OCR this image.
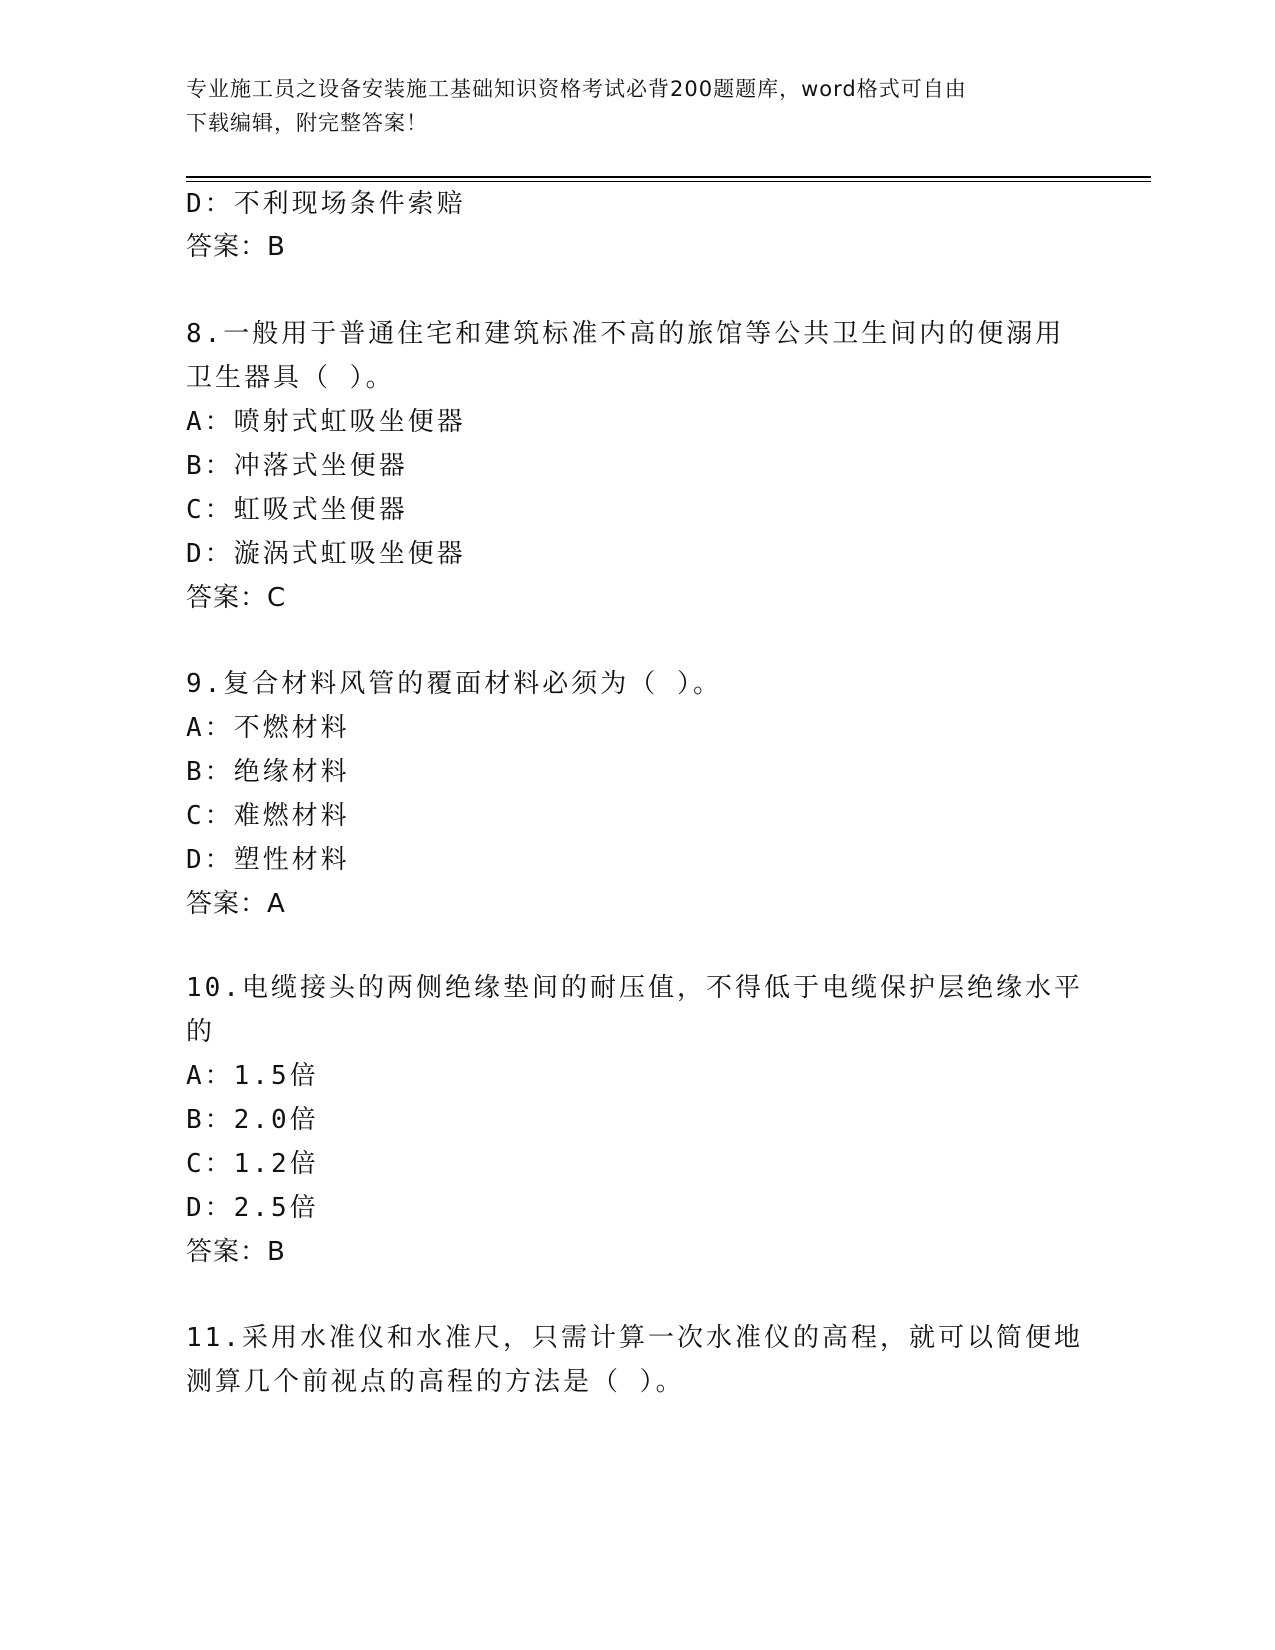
专业施工员之设备安装施工基础知识资格考试必背200题题库，word格式可自由
下载编辑，附完整答案！
D：不利现场条件索赔
答案：B
8.一般用于普通住宅和建筑标准不高的旅馆等公共卫生间内的便溺用
卫生器具（ ）。
A：喷射式虹吸坐便器
B：冲落式坐便器
C：虹吸式坐便器
D：漩涡式虹吸坐便器
答案：C
9.复合材料风管的覆面材料必须为（ ）。
A：不燃材料
B：绝缘材料
C：难燃材料
D：塑性材料
答案：A
10.电缆接头的两侧绝缘垫间的耐压值，不得低于电缆保护层绝缘水平
的
A：1.5倍
B：2.0倍
C：1.2倍
D：2.5倍
答案：B
11.采用水准仪和水准尺，只需计算一次水准仪的高程，就可以简便地
测算几个前视点的高程的方法是（ ）。
